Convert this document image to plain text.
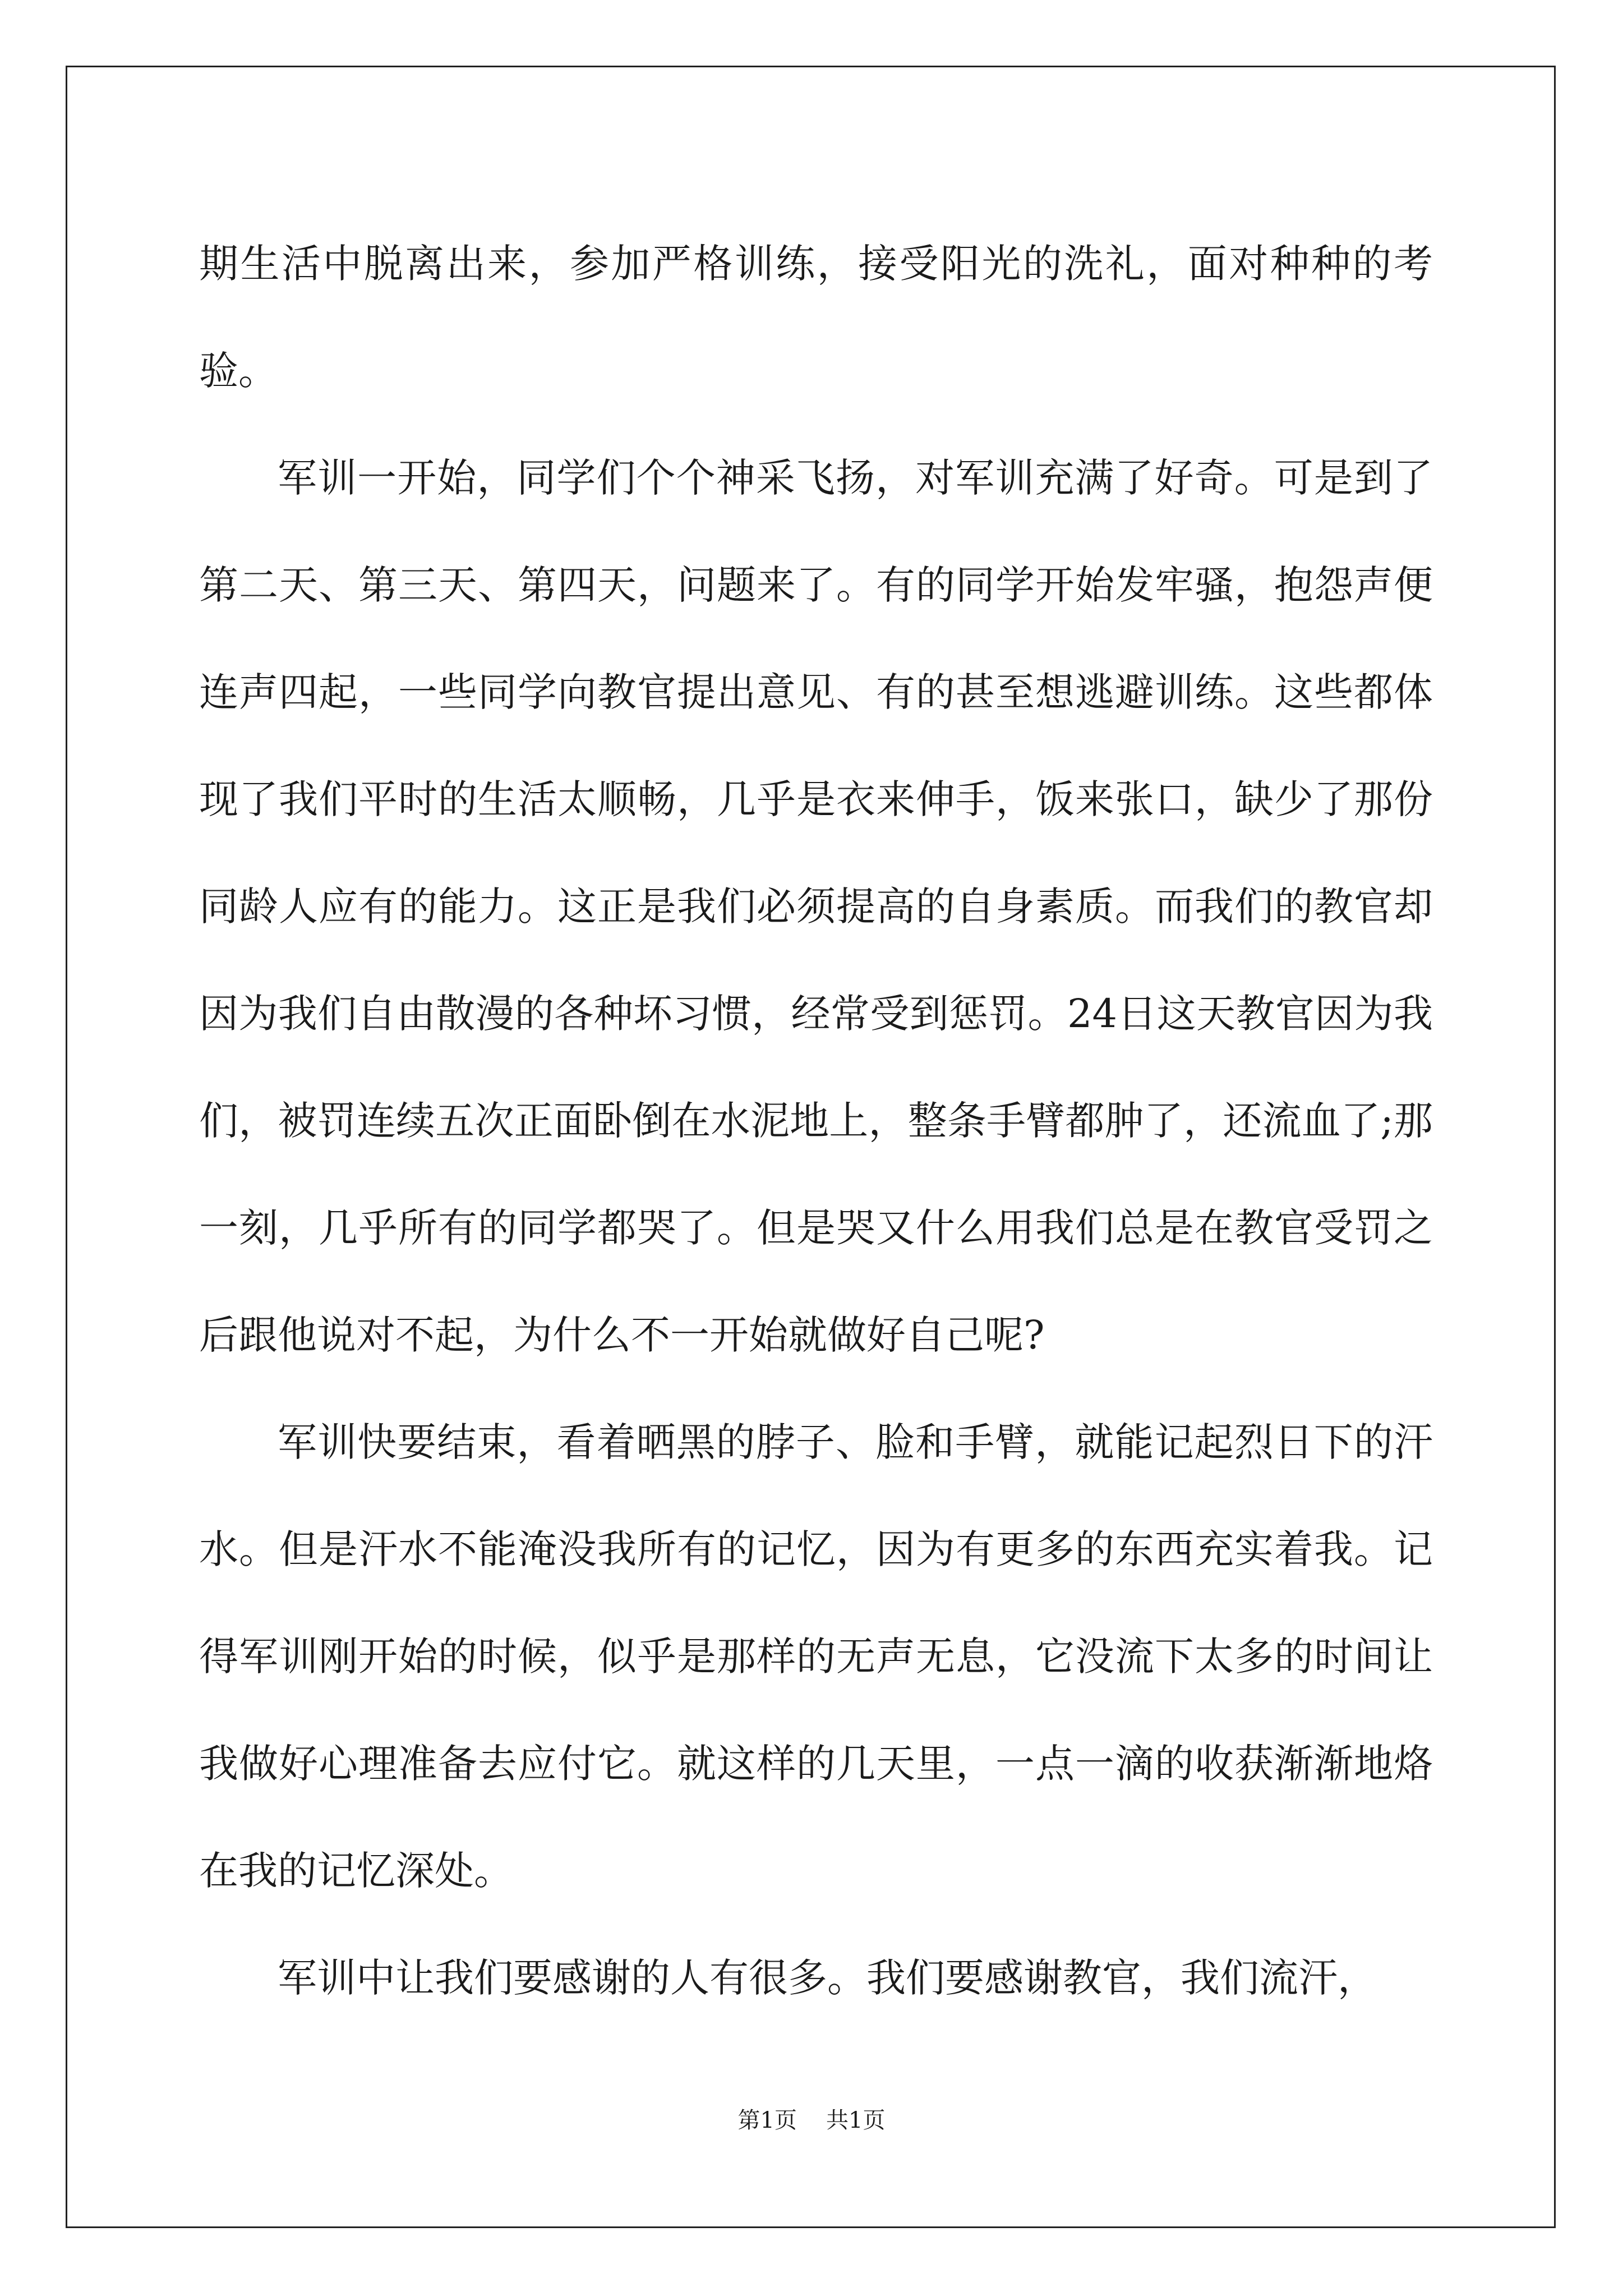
期生活中脱离出来，参加严格训练，接受阳光的洗礼，面对种种的考验。

军训一开始，同学们个个神采飞扬，对军训充满了好奇。可是到了第二天、第三天、第四天，问题来了。有的同学开始发牢骚，抱怨声便连声四起，一些同学向教官提出意见、有的甚至想逃避训练。这些都体现了我们平时的生活太顺畅，几乎是衣来伸手，饭来张口，缺少了那份同龄人应有的能力。这正是我们必须提高的自身素质。而我们的教官却因为我们自由散漫的各种坏习惯，经常受到惩罚。24日这天教官因为我们，被罚连续五次正面卧倒在水泥地上，整条手臂都肿了，还流血了;那一刻，几乎所有的同学都哭了。但是哭又什么用我们总是在教官受罚之后跟他说对不起，为什么不一开始就做好自己呢?

军训快要结束，看着晒黑的脖子、脸和手臂，就能记起烈日下的汗水。但是汗水不能淹没我所有的记忆，因为有更多的东西充实着我。记得军训刚开始的时候，似乎是那样的无声无息，它没流下太多的时间让我做好心理准备去应付它。就这样的几天里，一点一滴的收获渐渐地烙在我的记忆深处。

军训中让我们要感谢的人有很多。我们要感谢教官，我们流汗，

第1页 共1页
